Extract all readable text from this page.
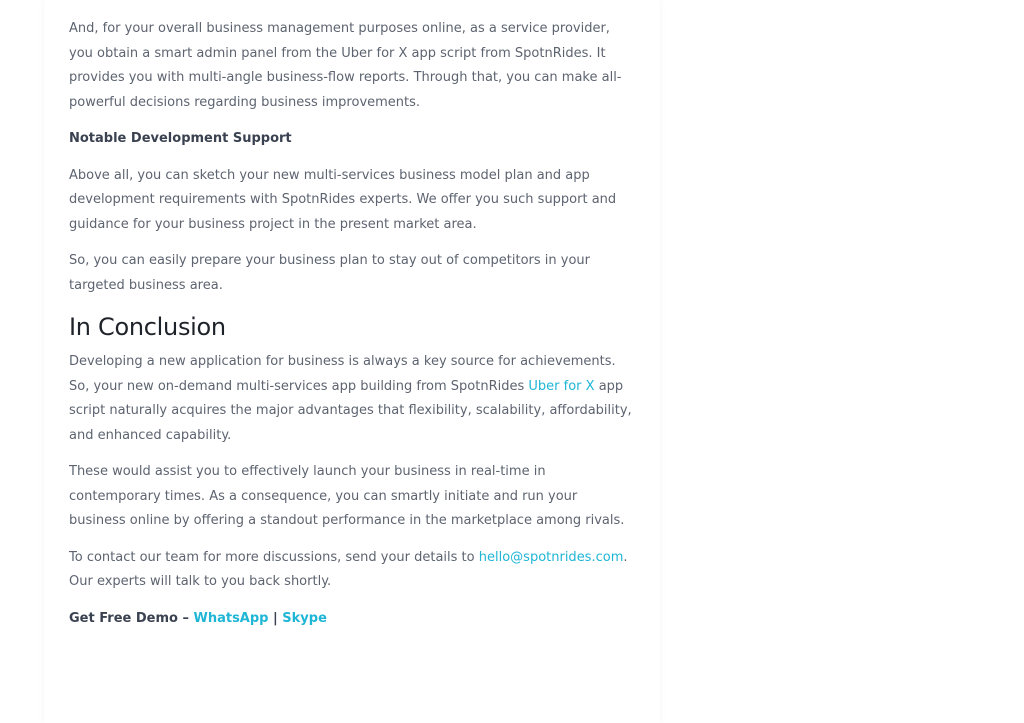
And, for your overall business management purposes online, as a service provider, you obtain a smart admin panel from the Uber for X app script from SpotnRides. It provides you with multi-angle business-flow reports. Through that, you can make all-powerful decisions regarding business improvements.

Notable Development Support

Above all, you can sketch your new multi-services business model plan and app development requirements with SpotnRides experts. We offer you such support and guidance for your business project in the present market area.

So, you can easily prepare your business plan to stay out of competitors in your targeted business area.

In Conclusion

Developing a new application for business is always a key source for achievements. So, your new on-demand multi-services app building from SpotnRides Uber for X app script naturally acquires the major advantages that flexibility, scalability, affordability, and enhanced capability.

These would assist you to effectively launch your business in real-time in contemporary times. As a consequence, you can smartly initiate and run your business online by offering a standout performance in the marketplace among rivals.

To contact our team for more discussions, send your details to hello@spotnrides.com. Our experts will talk to you back shortly.

Get Free Demo – WhatsApp | Skype
